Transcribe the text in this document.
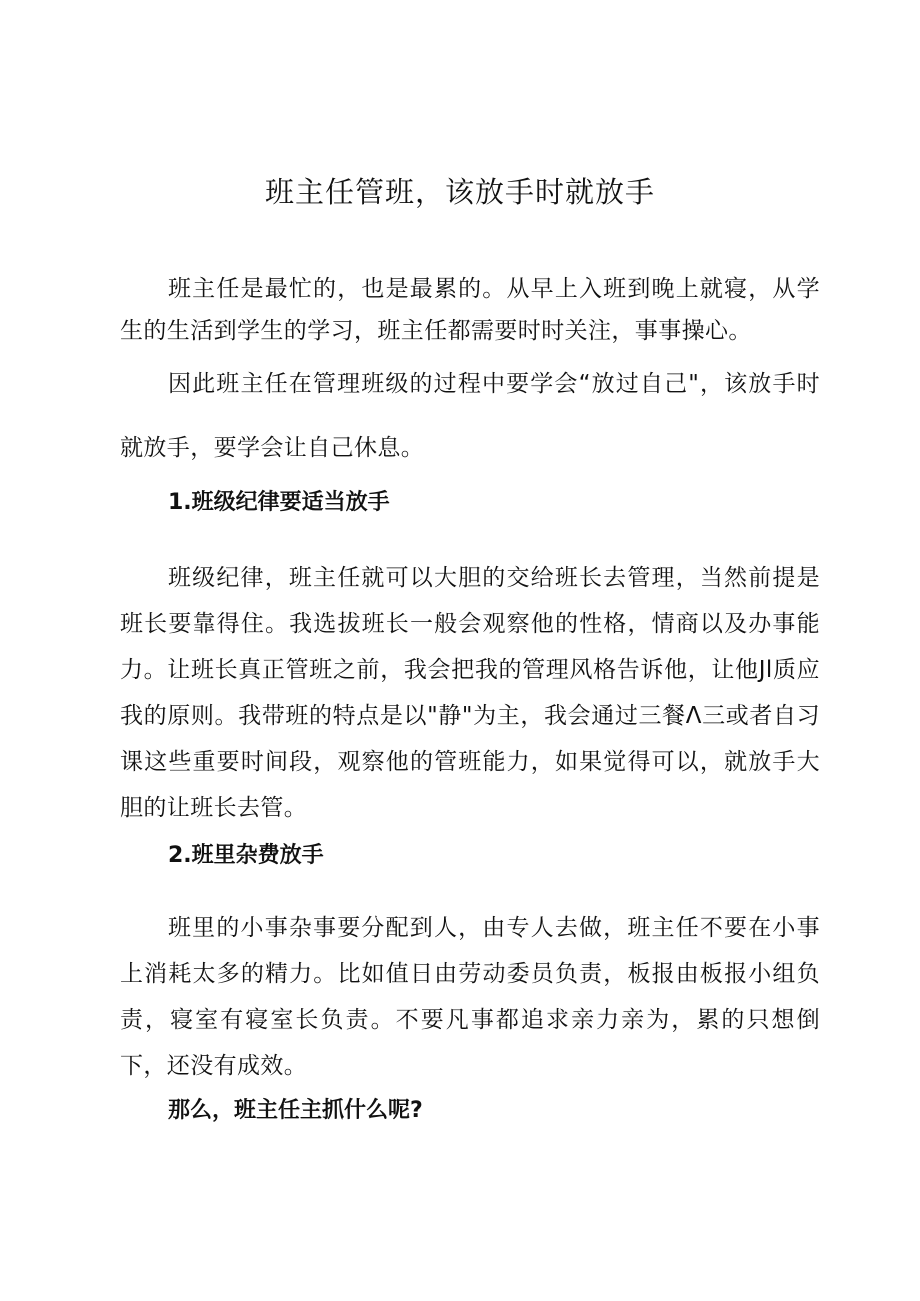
班主任管班，该放手时就放手

班主任是最忙的，也是最累的。从早上入班到晚上就寝，从学生的生活到学生的学习，班主任都需要时时关注，事事操心。

因此班主任在管理班级的过程中要学会“放过自己"，该放手时就放手，要学会让自己休息。

1.班级纪律要适当放手

班级纪律，班主任就可以大胆的交给班长去管理，当然前提是班长要靠得住。我选拔班长一般会观察他的性格，情商以及办事能力。让班长真正管班之前，我会把我的管理风格告诉他，让他Jl质应我的原则。我带班的特点是以"静"为主，我会通过三餐Λ三或者自习课这些重要时间段，观察他的管班能力，如果觉得可以，就放手大胆的让班长去管。

2.班里杂费放手

班里的小事杂事要分配到人，由专人去做，班主任不要在小事上消耗太多的精力。比如值日由劳动委员负责，板报由板报小组负责，寝室有寝室长负责。不要凡事都追求亲力亲为，累的只想倒下，还没有成效。

那么，班主任主抓什么呢?
